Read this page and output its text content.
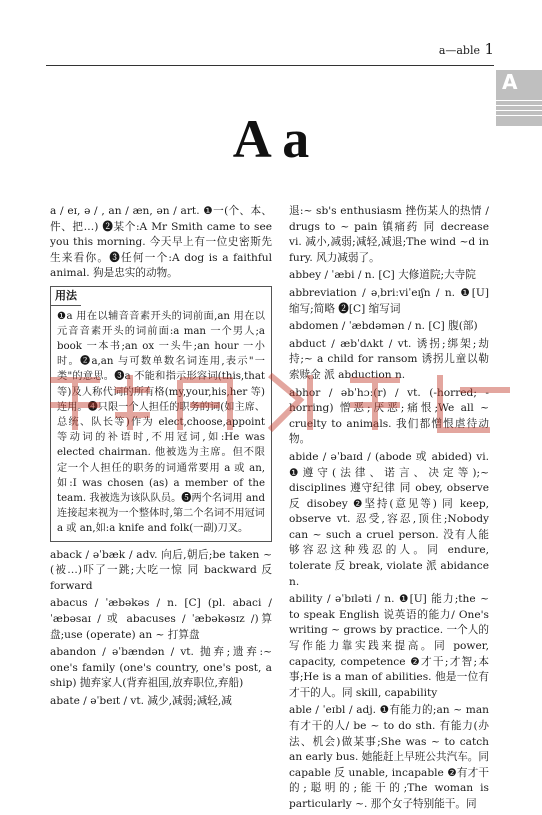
a—able 1
A
A a
a / eɪ, ə / , an / æn, ən / art. ❶一(个、本、件、把…) ❷某个:A Mr Smith came to see you this morning. 今天早上有一位史密斯先生来看你。❸任何一个:A dog is a faithful animal. 狗是忠实的动物。
用法
❶a 用在以辅音音素开头的词前面,an 用在以元音音素开头的词前面:a man 一个男人;a book 一本书;an ox 一头牛;an hour 一小时。❷a,an 与可数单数名词连用,表示"一类"的意思。❸a 不能和指示形容词(this,that 等)及人称代词的所有格(my,your,his,her 等)连用。❹只限一个人担任的职务的词(如主席、总统、队长等)作为 elect,choose,appoint 等动词的补语时,不用冠词,如:He was elected chairman. 他被选为主席。但不限定一个人担任的职务的词通常要用 a 或 an,如:I was chosen (as) a member of the team. 我被选为该队队员。❺两个名词用 and 连接起来视为一个整体时,第二个名词不用冠词 a 或 an,如:a knife and folk(一副)刀叉。
aback / əˈbæk / adv. 向后,朝后;be taken ~(被…)吓了一跳;大吃一惊 同 backward 反 forward
abacus / ˈæbəkəs / n. [C] (pl. abaci / ˈæbəsaɪ / 或 abacuses / ˈæbəkəsɪz /)算盘;use (operate) an ~ 打算盘
abandon / əˈbændən / vt. 抛弃;遗弃:~ one's family (one's country, one's post, a ship) 抛弃家人(背弃祖国,放弃职位,弃船)
abate / əˈbeɪt / vt. 减少,减弱;减轻,减
退:~ sb's enthusiasm 挫伤某人的热情 / drugs to ~ pain 镇痛药 同 decrease vi. 减小,减弱;减轻,减退;The wind ~d in fury. 风力减弱了。
abbey / ˈæbi / n. [C] 大修道院;大寺院
abbreviation / əˌbriːviˈeɪʃn / n. ❶[U] 缩写;简略 ❷[C] 缩写词
abdomen / ˈæbdəmən / n. [C] 腹(部)
abduct / æbˈdʌkt / vt. 诱拐;绑架;劫持;~ a child for ransom 诱拐儿童以勒索赎金 派 abduction n.
abhor / əbˈhɔː(r) / vt. (-horred; -horring) 憎恶;厌恶;痛恨;We all ~ cruelty to animals. 我们都憎恨虐待动物。
abide / əˈbaɪd / (abode 或 abided) vi. ❶遵守(法律、诺言、决定等);~ disciplines 遵守纪律 同 obey, observe 反 disobey ❷坚持(意见等) 同 keep, observe vt. 忍受,容忍,顶住;Nobody can ~ such a cruel person. 没有人能够容忍这种残忍的人。同 endure, tolerate 反 break, violate 派 abidance n.
ability / əˈbɪləti / n. ❶[U] 能力;the ~ to speak English 说英语的能力/ One's writing ~ grows by practice. 一个人的写作能力靠实践来提高。同 power, capacity, competence ❷才干;才智;本事;He is a man of abilities. 他是一位有才干的人。同 skill, capability
able / ˈeɪbl / adj. ❶有能力的;an ~ man 有才干的人/ be ~ to do sth. 有能力(办法、机会)做某事;She was ~ to catch an early bus. 她能赶上早班公共汽车。同 capable 反 unable, incapable ❷有才干的;聪明的;能干的;The woman is particularly ~. 那个女子特别能干。同
